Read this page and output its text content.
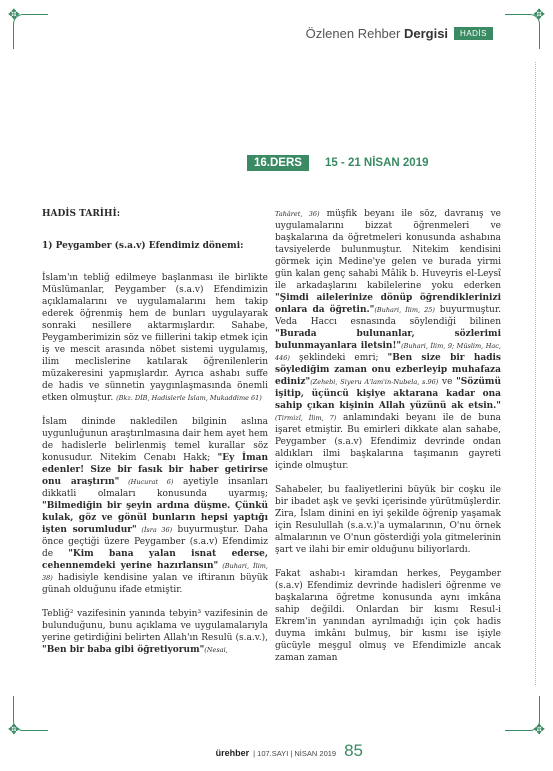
✥	✥
✥	✥
Özlenen Rehber Dergisi	HADİS
16.DERS	15 - 21 NİSAN 2019
HADİS TARİHİ:
1) Peygamber (s.a.v) Efendimiz dönemi:

İslam'ın tebliğ edilmeye başlanması ile birlikte Müslümanlar, Peygamber (s.a.v) Efendimizin açıklamalarını ve uygulamalarını hem takip ederek öğrenmiş hem de bunları uygulayarak sonraki nesillere aktarmışlardır. Sahabe, Peygamberimizin söz ve fiillerini takip etmek için iş ve mescit arasında nöbet sistemi uygulamış, ilim meclislerine katılarak öğrenilenlerin müzakeresini yapmışlardır. Ayrıca ashabı suffe de hadis ve sünnetin yaygınlaşmasında önemli etken olmuştur. (Bkz. DİB, Hadislerle İslam, Mukaddime 61)

İslam dininde nakledilen bilginin aslına uygunluğunun araştırılmasına dair hem ayet hem de hadislerle belirlenmiş temel kurallar söz konusudur. Nitekim Cenabı Hakk; "Ey İman edenler! Size bir fasık bir haber getirirse onu araştırın" (Hucurat 6) ayetiyle insanları dikkatli olmaları konusunda uyarmış; "Bilmediğin bir şeyin ardına düşme. Çünkü kulak, göz ve gönül bunların hepsi yaptığı işten sorumludur" (İsra 36) buyurmuştur. Daha önce geçtiği üzere Peygamber (s.a.v) Efendimiz de "Kim bana yalan isnat ederse, cehennemdeki yerine hazırlansın" (Buhari, İlim, 38) hadisiyle kendisine yalan ve iftiranın büyük günah olduğunu ifade etmiştir.

Tebliğ² vazifesinin yanında tebyin³ vazifesinin de bulunduğunu, bunu açıklama ve uygulamalarıyla yerine getirdiğini belirten Allah'ın Resulü (s.a.v.), "Ben bir baba gibi öğretiyorum"(Nesai,

Tahâret, 36) müşfik beyanı ile söz, davranış ve uygulamalarını bizzat öğrenmeleri ve başkalarına da öğretmeleri konusunda ashabına tavsiyelerde bulunmuştur. Nitekim kendisini görmek için Medine'ye gelen ve burada yirmi gün kalan genç sahabi Mâlik b. Huveyris el-Leysî ile arkadaşlarını kabilelerine yoku ederken "Şimdi ailelerinize dönüp öğrendiklerinizi onlara da öğretin."(Buhari, İlim, 25) buyurmuştur. Veda Haccı esnasında söylendiği bilinen "Burada bulunanlar, sözlerimi bulunmayanlara iletsin!"(Buhari, İlim, 9; Müslim, Hac, 446) şeklindeki emri; "Ben size bir hadis söylediğim zaman onu ezberleyip muhafaza ediniz"(Zehebi, Siyeru A'lam'in-Nubela, s.96) ve "Sözümü işitip, üçüncü kişiye aktarana kadar ona sahip çıkan kişinin Allah yüzünü ak etsin."(Tirmizî, İlim, 7) anlamındaki beyanı ile de buna işaret etmiştir. Bu emirleri dikkate alan sahabe, Peygamber (s.a.v) Efendimiz devrinde ondan aldıkları ilmi başkalarına taşımanın gayreti içinde olmuştur.

Sahabeler, bu faaliyetlerini büyük bir coşku ile bir ibadet aşk ve şevki içerisinde yürütmüşlerdir. Zira, İslam dinini en iyi şekilde öğrenip yaşamak için Resulullah (s.a.v.)'a uymalarının, O'nu örnek almalarının ve O'nun gösterdiği yola gitmelerinin şart ve ilahi bir emir olduğunu biliyorlardı.

Fakat ashabı-ı kiramdan herkes, Peygamber (s.a.v) Efendimiz devrinde hadisleri öğrenme ve başkalarına öğretme konusunda aynı imkâna sahip değildi. Onlardan bir kısmı Resul-i Ekrem'in yanından ayrılmadığı için çok hadis duyma imkânı bulmuş, bir kısmı ise işiyle gücüyle meşgul olmuş ve Efendimizle ancak zaman zaman

ürehber | 107.SAYI | NİSAN 2019 85
